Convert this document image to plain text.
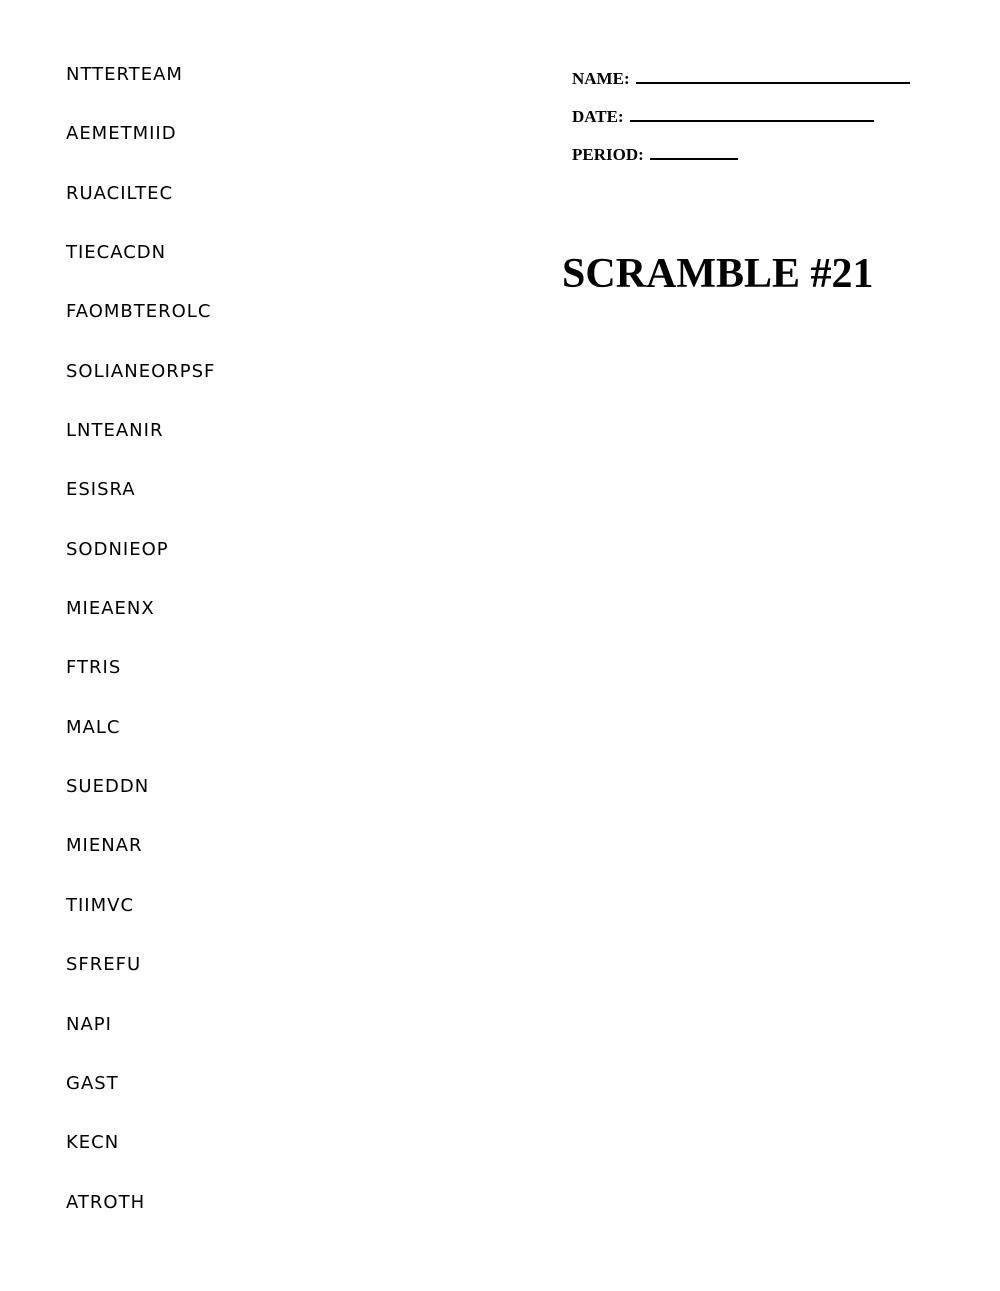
NTTERTEAM
AEMETMIID
RUACILTEC
TIECACDN
FAOMBTEROLC
SOLIANEORPSF
LNTEANIR
ESISRA
SODNIEOP
MIEAENX
FTRIS
MALC
SUEDDN
MIENAR
TIIMVC
SFREFU
NAPI
GAST
KECN
ATROTH
NAME:
DATE:
PERIOD:
SCRAMBLE #21
